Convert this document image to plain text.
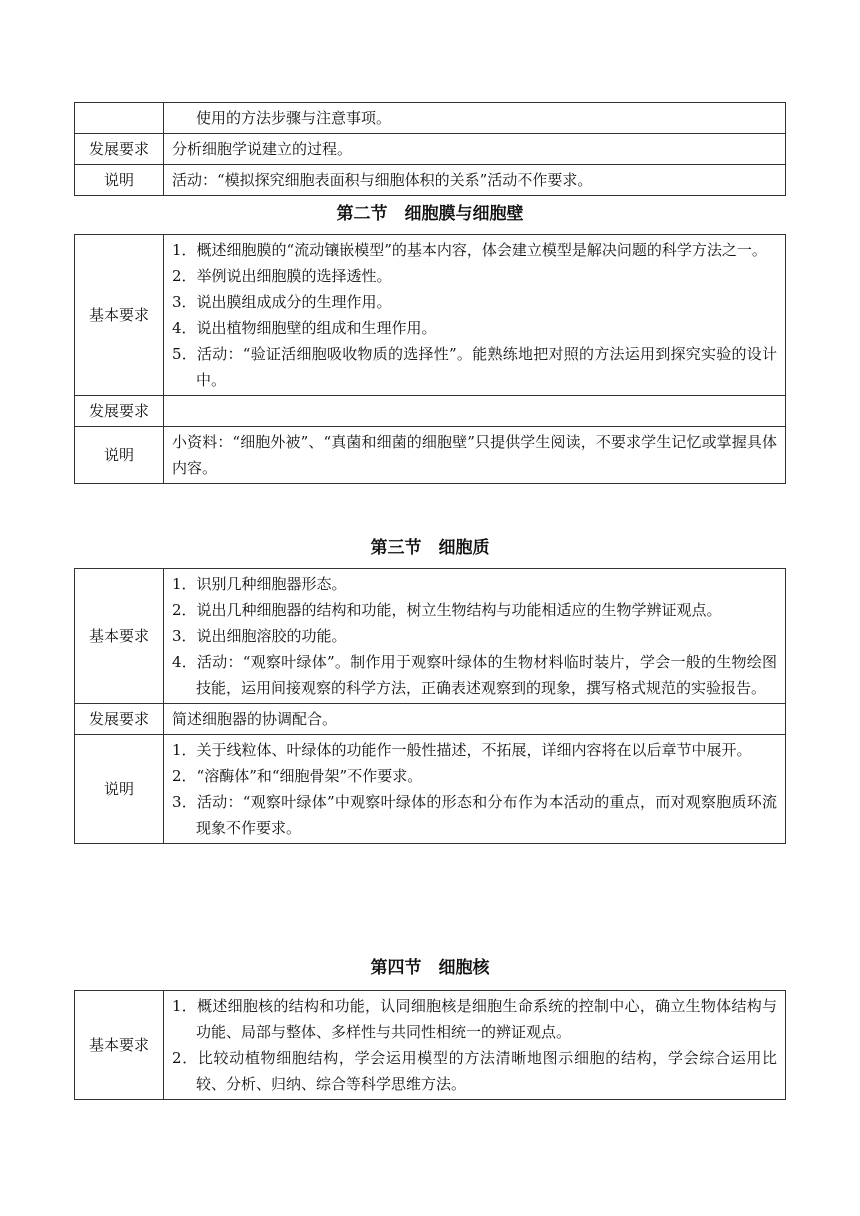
	使用的方法步骤与注意事项。

发展要求	分析细胞学说建立的过程。

说明	活动：“模拟探究细胞表面积与细胞体积的关系”活动不作要求。
第二节　细胞膜与细胞壁
基本要求	1．概述细胞膜的“流动镶嵌模型”的基本内容，体会建立模型是解决问题的科学方法之一。
2．举例说出细胞膜的选择透性。
3．说出膜组成成分的生理作用。
4．说出植物细胞壁的组成和生理作用。
5．活动：“验证活细胞吸收物质的选择性”。能熟练地把对照的方法运用到探究实验的设计中。

发展要求	

说明	小资料：“细胞外被”、“真菌和细菌的细胞壁”只提供学生阅读，不要求学生记忆或掌握具体内容。
第三节　细胞质
基本要求	1．识别几种细胞器形态。
2．说出几种细胞器的结构和功能，树立生物结构与功能相适应的生物学辨证观点。
3．说出细胞溶胶的功能。
4．活动：“观察叶绿体”。制作用于观察叶绿体的生物材料临时装片，学会一般的生物绘图技能，运用间接观察的科学方法，正确表述观察到的现象，撰写格式规范的实验报告。

发展要求	简述细胞器的协调配合。

说明	1．关于线粒体、叶绿体的功能作一般性描述，不拓展，详细内容将在以后章节中展开。
2．“溶酶体”和“细胞骨架”不作要求。
3．活动：“观察叶绿体”中观察叶绿体的形态和分布作为本活动的重点，而对观察胞质环流现象不作要求。
第四节　细胞核
基本要求	
1．概述细胞核的结构和功能，认同细胞核是细胞生命系统的控制中心，确立生物体结构与功能、局部与整体、多样性与共同性相统一的辨证观点。
2．比较动植物细胞结构，学会运用模型的方法清晰地图示细胞的结构，学会综合运用比较、分析、归纳、综合等科学思维方法。
